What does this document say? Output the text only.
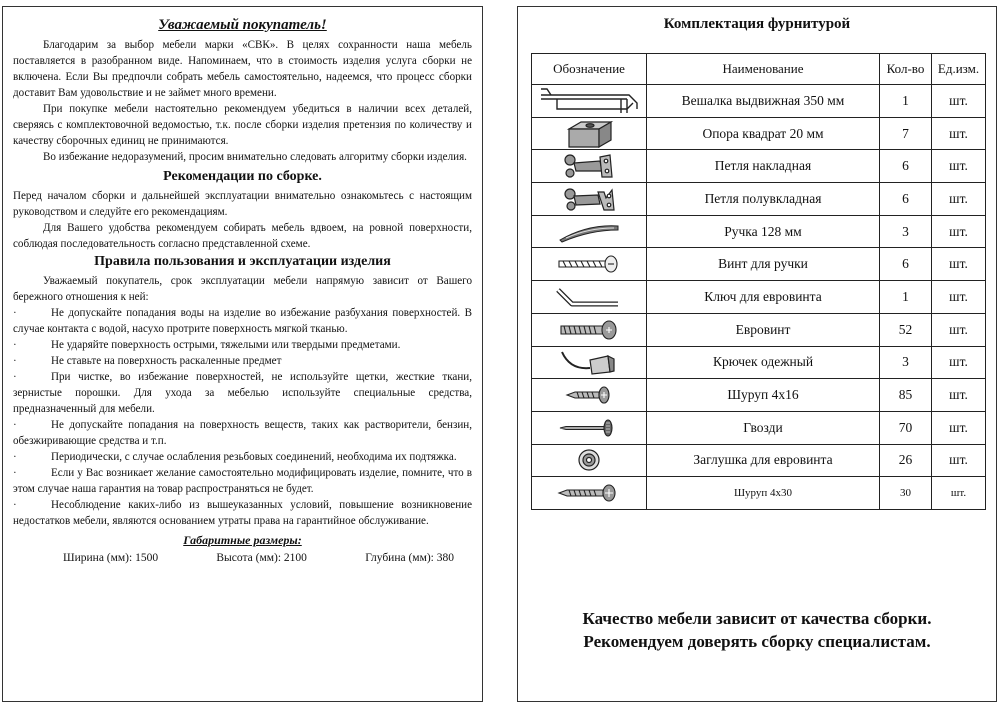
Уважаемый покупатель!

Благодарим за выбор мебели марки «СВК». В целях сохранности наша мебель поставляется в разобранном виде. Напоминаем, что в стоимость изделия услуга сборки не включена. Если Вы предпочли собрать мебель самостоятельно, надеемся, что процесс сборки доставит Вам удовольствие и не займет много времени.

При покупке мебели настоятельно рекомендуем убедиться в наличии всех деталей, сверяясь с комплектовочной ведомостью, т.к. после сборки изделия претензия по количеству и качеству сборочных единиц не принимаются.

Во избежание недоразумений, просим внимательно следовать алгоритму сборки изделия.

Рекомендации по сборке.

Перед началом сборки и дальнейшей эксплуатации внимательно ознакомьтесь с настоящим руководством и следуйте его рекомендациям.

Для Вашего удобства рекомендуем собирать мебель вдвоем, на ровной поверхности, соблюдая последовательность согласно представленной схеме.

Правила пользования и эксплуатации изделия

Уважаемый покупатель, срок эксплуатации мебели напрямую зависит от Вашего бережного отношения к ней:

·	Не допускайте попадания воды на изделие во избежание разбухания поверхностей. В случае контакта с водой, насухо протрите поверхность мягкой тканью.

·	Не ударяйте поверхность острыми, тяжелыми или твердыми предметами.

·	Не ставьте на поверхность раскаленные предмет

·	При чистке, во избежание поверхностей, не используйте щетки, жесткие ткани, зернистые порошки. Для ухода за мебелью используйте специальные средства, предназначенный для мебели.

·	Не допускайте попадания на поверхность веществ, таких как растворители, бензин, обезжиривающие средства и т.п.

·	Периодически, с случае ослабления резьбовых соединений, необходима их подтяжка.

·	Если у Вас возникает желание самостоятельно модифицировать изделие, помните, что в этом случае наша гарантия на товар распространяться не будет.

·	Несоблюдение каких-либо из вышеуказанных условий, повышение возникновение недостатков мебели, являются основанием утраты права на гарантийное обслуживание.

Габаритные размеры:
Ширина (мм): 1500	Высота (мм): 2100	Глубина (мм): 380
Комплектация фурнитурой
Обозначение	Наименование	Кол-во	Ед.изм.

	Вешалка выдвижная 350 мм	1	шт.

	Опора квадрат 20 мм	7	шт.

	Петля накладная	6	шт.

	Петля полувкладная	6	шт.

	Ручка 128 мм	3	шт.

	Винт для ручки	6	шт.

	Ключ для евровинта	1	шт.

	Евровинт	52	шт.

	Крючек одежный	3	шт.

	Шуруп 4х16	85	шт.

	Гвозди	70	шт.

	Заглушка для евровинта	26	шт.

	Шуруп 4х30	30	шт.
Качество мебели зависит от качества сборки.
Рекомендуем доверять сборку специалистам.
